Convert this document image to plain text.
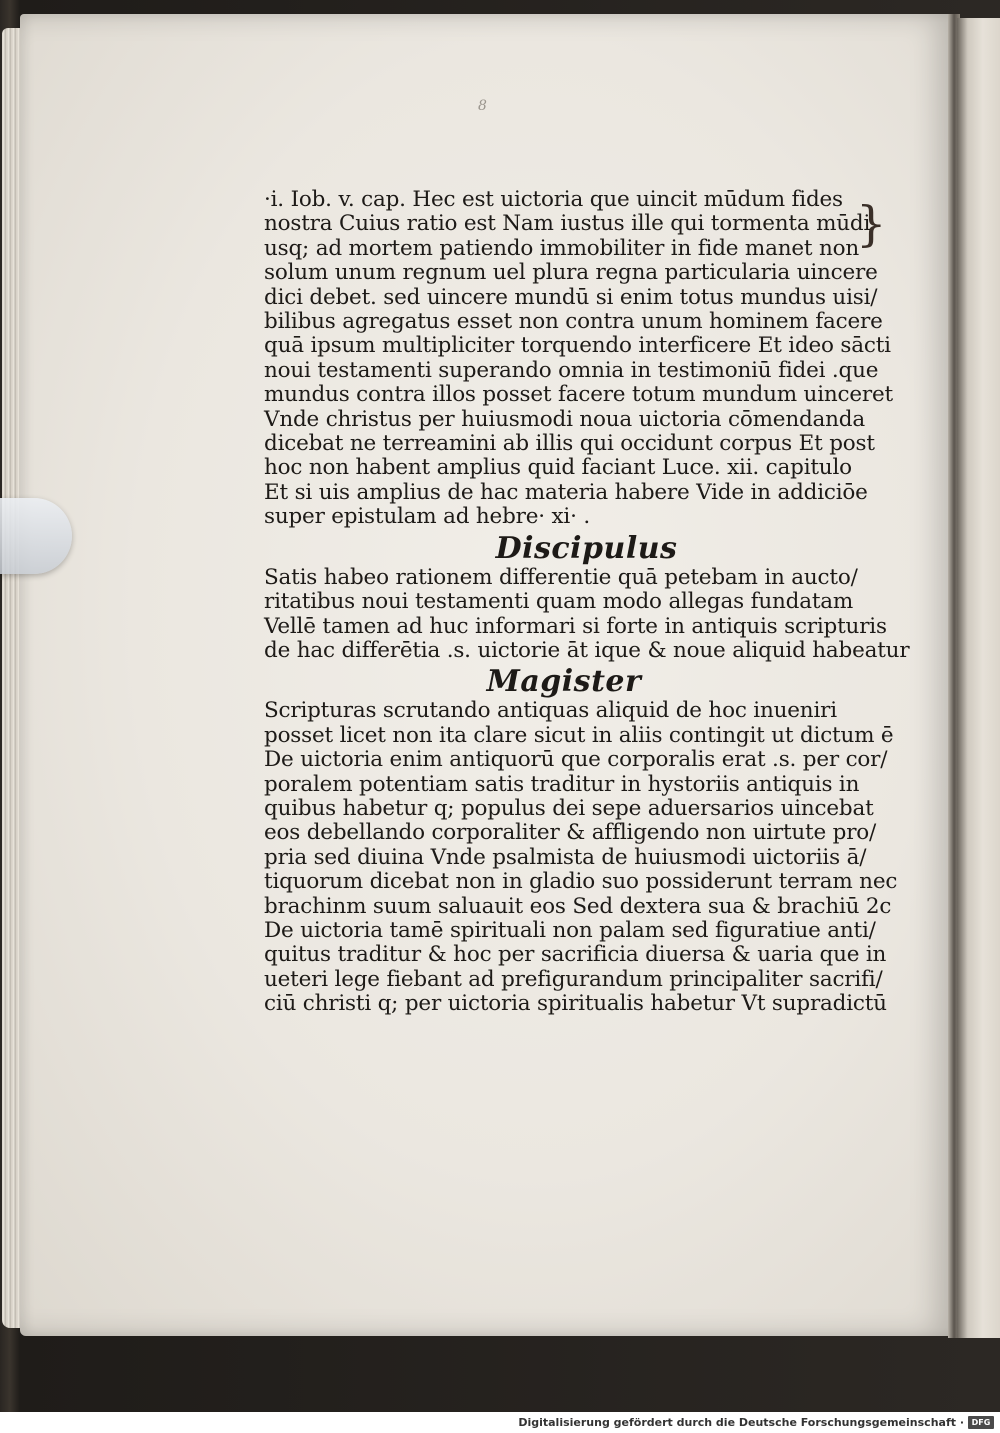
8
}
·i. Iob. v. cap. Hec est uictoria que uincit mūdum fides
nostra Cuius ratio est Nam iustus ille qui tormenta mūdi
usq; ad mortem patiendo immobiliter in fide manet non
solum unum regnum uel plura regna particularia uincere
dici debet. sed uincere mundū si enim totus mundus uisi/
bilibus agregatus esset non contra unum hominem facere
quā ipsum multipliciter torquendo interficere Et ideo sācti
noui testamenti superando omnia in testimoniū fidei .que
mundus contra illos posset facere totum mundum uinceret
Vnde christus per huiusmodi noua uictoria cōmendanda
dicebat ne terreamini ab illis qui occidunt corpus Et post
hoc non habent amplius quid faciant Luce. xii. capitulo
Et si uis amplius de hac materia habere Vide in addiciōe
super epistulam ad hebre· xi· .
Discipulus
Satis habeo rationem differentie quā petebam in aucto/
ritatibus noui testamenti quam modo allegas fundatam
Vellē tamen ad huc informari si forte in antiquis scripturis
de hac differētia .s. uictorie āt ique & noue aliquid habeatur
Magister
Scripturas scrutando antiquas aliquid de hoc inueniri
posset licet non ita clare sicut in aliis contingit ut dictum ē
De uictoria enim antiquorū que corporalis erat .s. per cor/
poralem potentiam satis traditur in hystoriis antiquis in
quibus habetur q; populus dei sepe aduersarios uincebat
eos debellando corporaliter & affligendo non uirtute pro/
pria sed diuina Vnde psalmista de huiusmodi uictoriis ā/
tiquorum dicebat non in gladio suo possiderunt terram nec
brachinm suum saluauit eos Sed dextera sua & brachiū 2c
De uictoria tamē spirituali non palam sed figuratiue anti/
quitus traditur & hoc per sacrificia diuersa & uaria que in
ueteri lege fiebant ad prefigurandum principaliter sacrifi/
ciū christi q; per uictoria spiritualis habetur Vt supradictū
Digitalisierung gefördert durch die Deutsche Forschungsgemeinschaft · DFG
